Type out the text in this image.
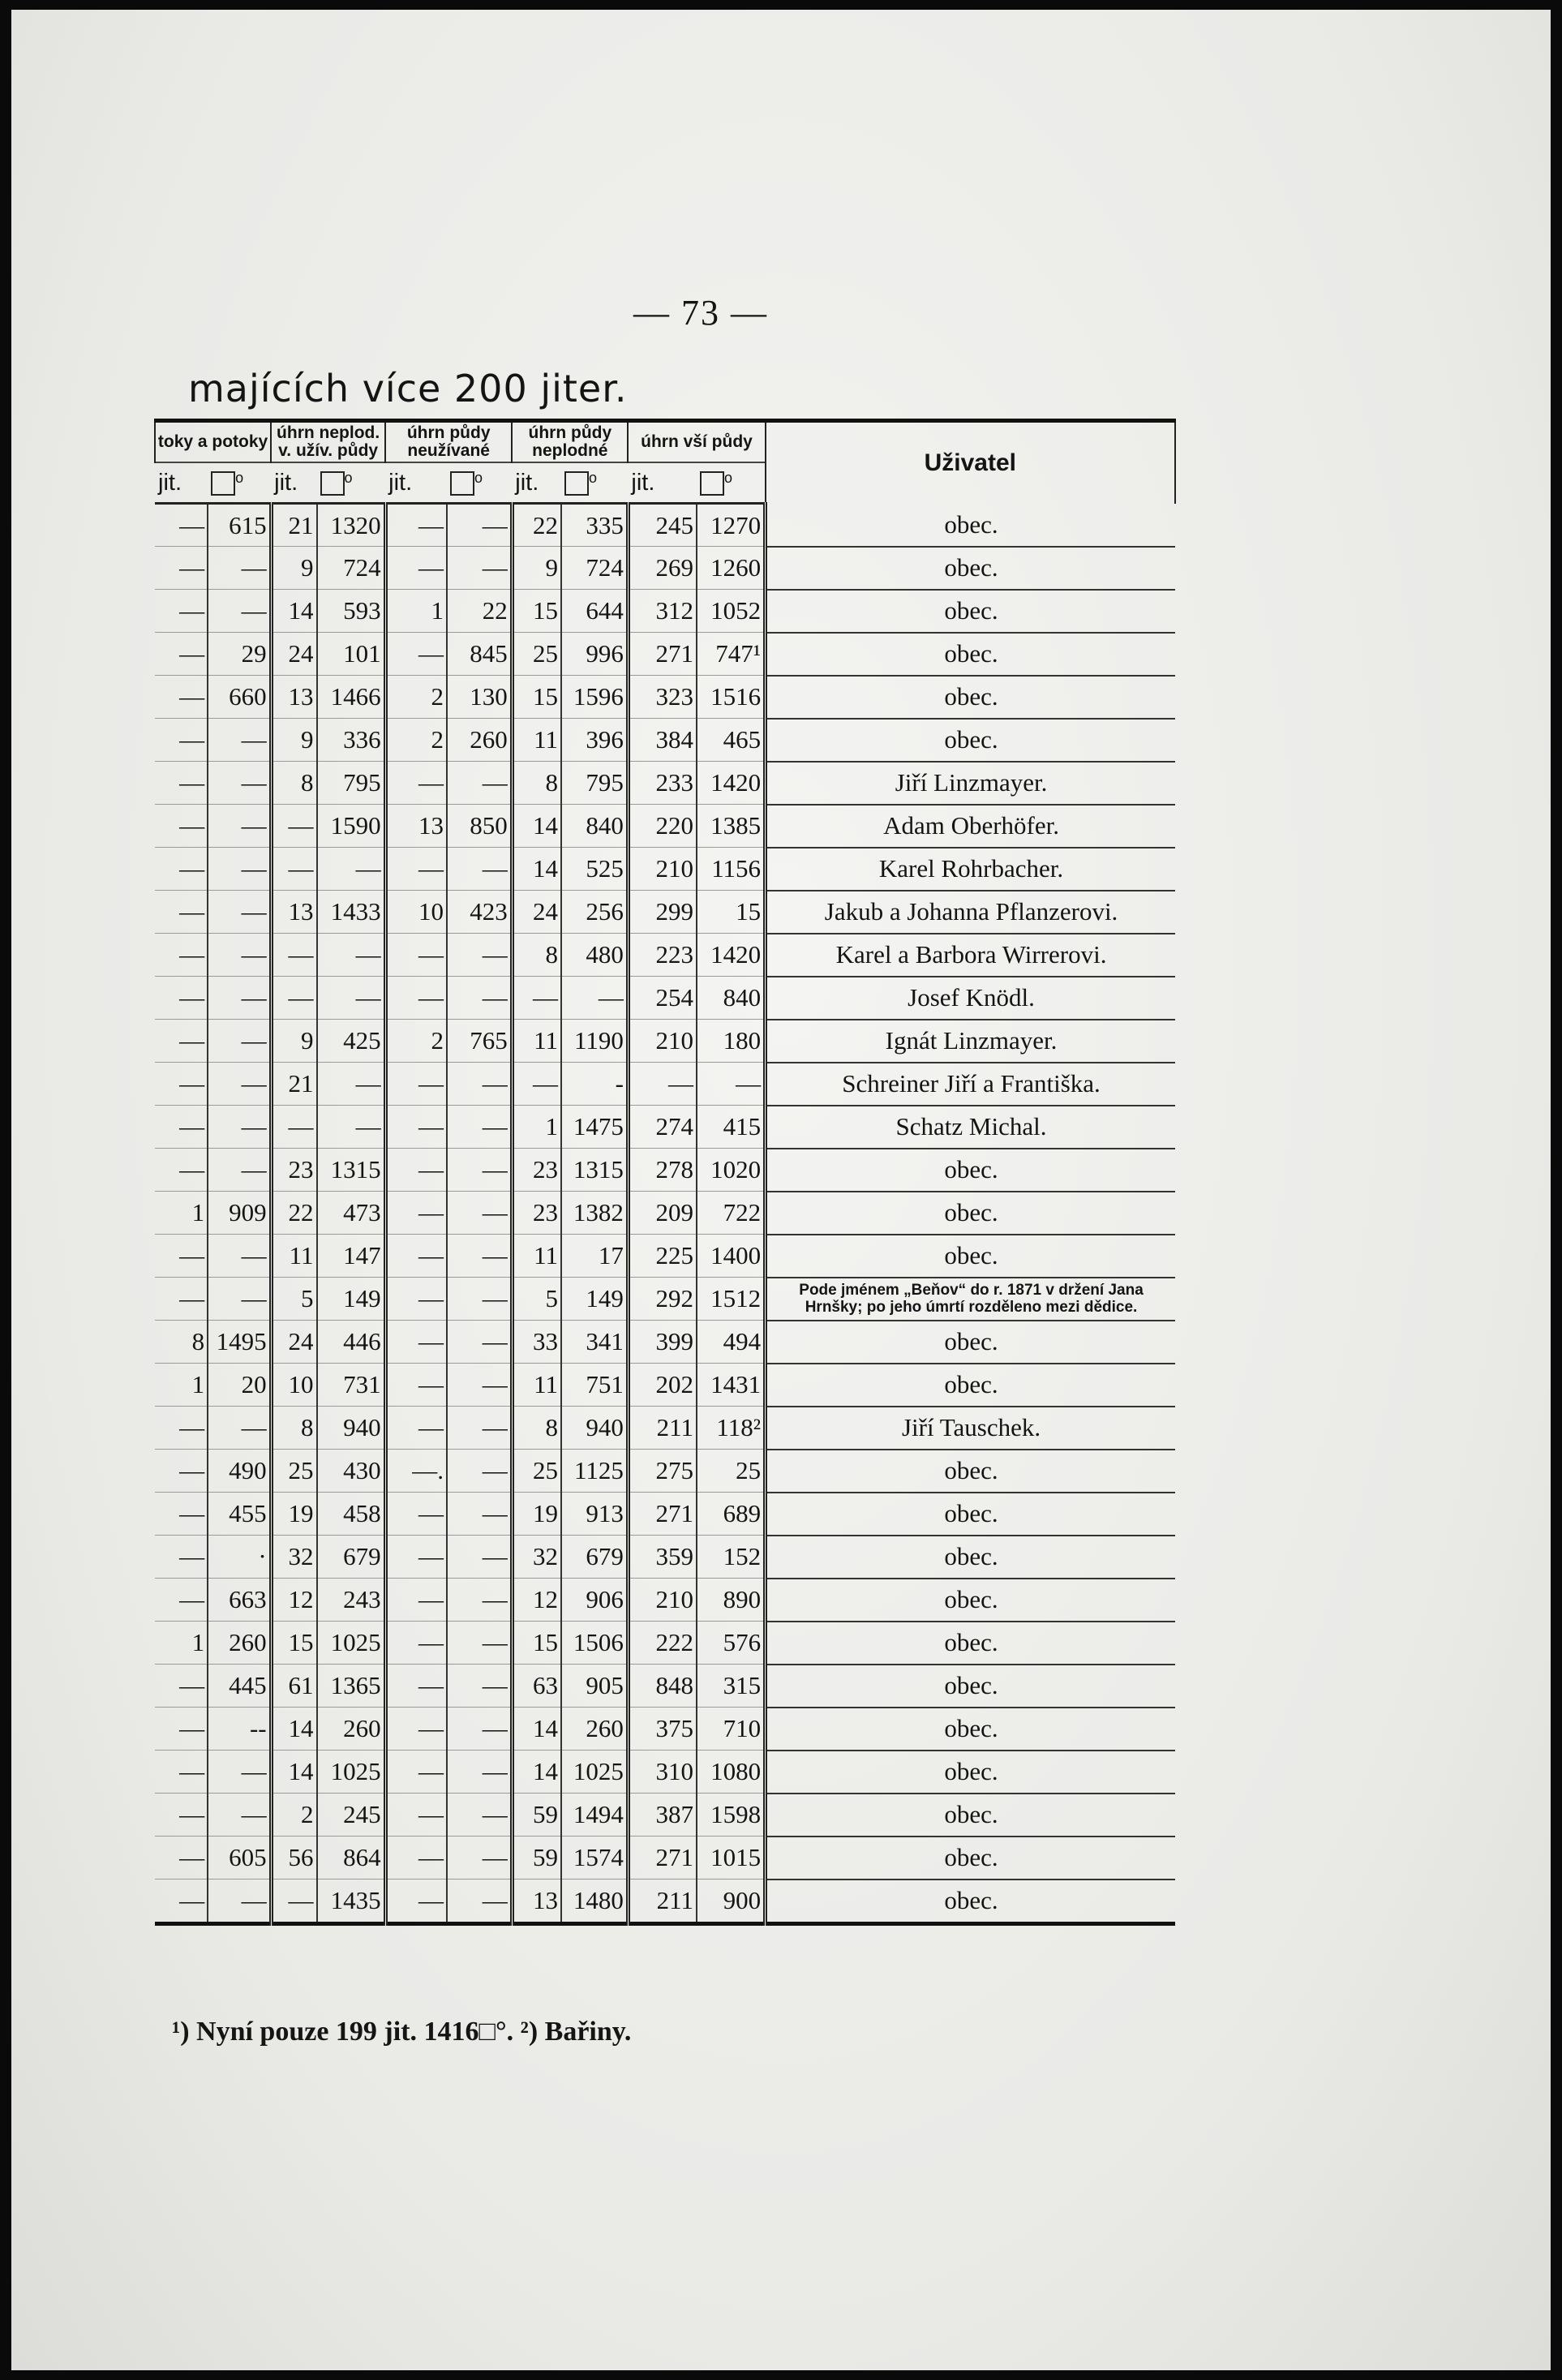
— 73 —
majících více 200 jiter.
toky a potoky		úhrn neplod. v. užív. půdy		úhrn půdy neužívané		úhrn půdy neplodné		úhrn vší půdy		Uživatel
jit.	$^o$	jit.	$^o$	jit.	$^o$	jit.	$^o$	jit.	$^o$
—	615	21	1320	—	—	22	335	245	1270	obec.
—	—	9	724	—	—	9	724	269	1260	obec.
—	—	14	593	1	22	15	644	312	1052	obec.
—	29	24	101	—	845	25	996	271	747¹	obec.
—	660	13	1466	2	130	15	1596	323	1516	obec.
—	—	9	336	2	260	11	396	384	465	obec.
—	—	8	795	—	—	8	795	233	1420	Jiří Linzmayer.
—	—	—	1590	13	850	14	840	220	1385	Adam Oberhöfer.
—	—	—	—	—	—	14	525	210	1156	Karel Rohrbacher.
—	—	13	1433	10	423	24	256	299	15	Jakub a Johanna Pflanzerovi.
—	—	—	—	—	—	8	480	223	1420	Karel a Barbora Wirrerovi.
—	—	—	—	—	—	—	—	254	840	Josef Knödl.
—	—	9	425	2	765	11	1190	210	180	Ignát Linzmayer.
—	—	21	—	—	—	—	-	—	—	Schreiner Jiří a Františka.
—	—	—	—	—	—	1	1475	274	415	Schatz Michal.
—	—	23	1315	—	—	23	1315	278	1020	obec.
1	909	22	473	—	—	23	1382	209	722	obec.
—	—	11	147	—	—	11	17	225	1400	obec.
—	—	5	149	—	—	5	149	292	1512	Pode jménem „Beňov“ do r. 1871 v držení Jana Hrnšky; po jeho úmrtí rozděleno mezi dědice.
8	1495	24	446	—	—	33	341	399	494	obec.
1	20	10	731	—	—	11	751	202	1431	obec.
—	—	8	940	—	—	8	940	211	118²	Jiří Tauschek.
—	490	25	430	—.	—	25	1125	275	25	obec.
—	455	19	458	—	—	19	913	271	689	obec.
—	·	32	679	—	—	32	679	359	152	obec.
—	663	12	243	—	—	12	906	210	890	obec.
1	260	15	1025	—	—	15	1506	222	576	obec.
—	445	61	1365	—	—	63	905	848	315	obec.
—	--	14	260	—	—	14	260	375	710	obec.
—	—	14	1025	—	—	14	1025	310	1080	obec.
—	—	2	245	—	—	59	1494	387	1598	obec.
—	605	56	864	—	—	59	1574	271	1015	obec.
—	—	—	1435	—	—	13	1480	211	900	obec.
¹) Nyní pouze 199 jit. 1416□°. ²) Bařiny.
